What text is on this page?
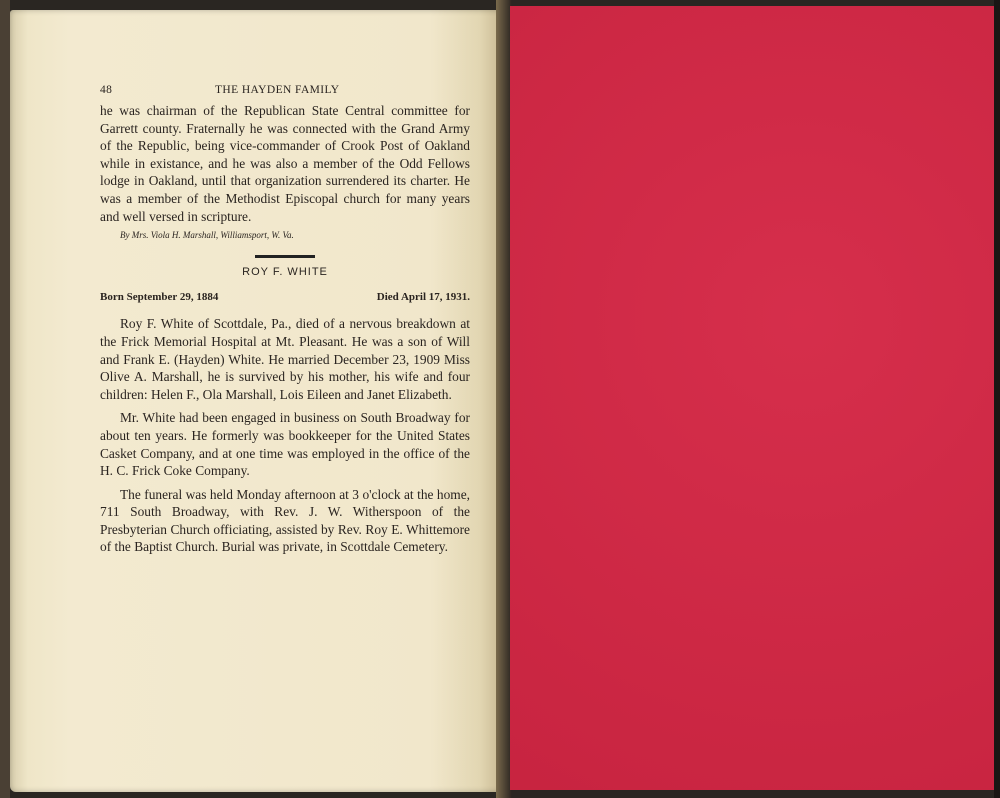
48	THE HAYDEN FAMILY

he was chairman of the Republican State Central committee for Garrett county. Fraternally he was connected with the Grand Army of the Republic, being vice-commander of Crook Post of Oakland while in existance, and he was also a member of the Odd Fellows lodge in Oakland, until that organization surrendered its charter. He was a member of the Methodist Episcopal church for many years and well versed in scripture.

By Mrs. Viola H. Marshall, Williamsport, W. Va.
ROY F. WHITE
Born September 29, 1884	Died April 17, 1931.

Roy F. White of Scottdale, Pa., died of a nervous breakdown at the Frick Memorial Hospital at Mt. Pleasant. He was a son of Will and Frank E. (Hayden) White. He married December 23, 1909 Miss Olive A. Marshall, he is survived by his mother, his wife and four children: Helen F., Ola Marshall, Lois Eileen and Janet Elizabeth.

Mr. White had been engaged in business on South Broadway for about ten years. He formerly was bookkeeper for the United States Casket Company, and at one time was employed in the office of the H. C. Frick Coke Company.

The funeral was held Monday afternoon at 3 o'clock at the home, 711 South Broadway, with Rev. J. W. Witherspoon of the Presbyterian Church officiating, assisted by Rev. Roy E. Whittemore of the Baptist Church. Burial was private, in Scottdale Cemetery.
